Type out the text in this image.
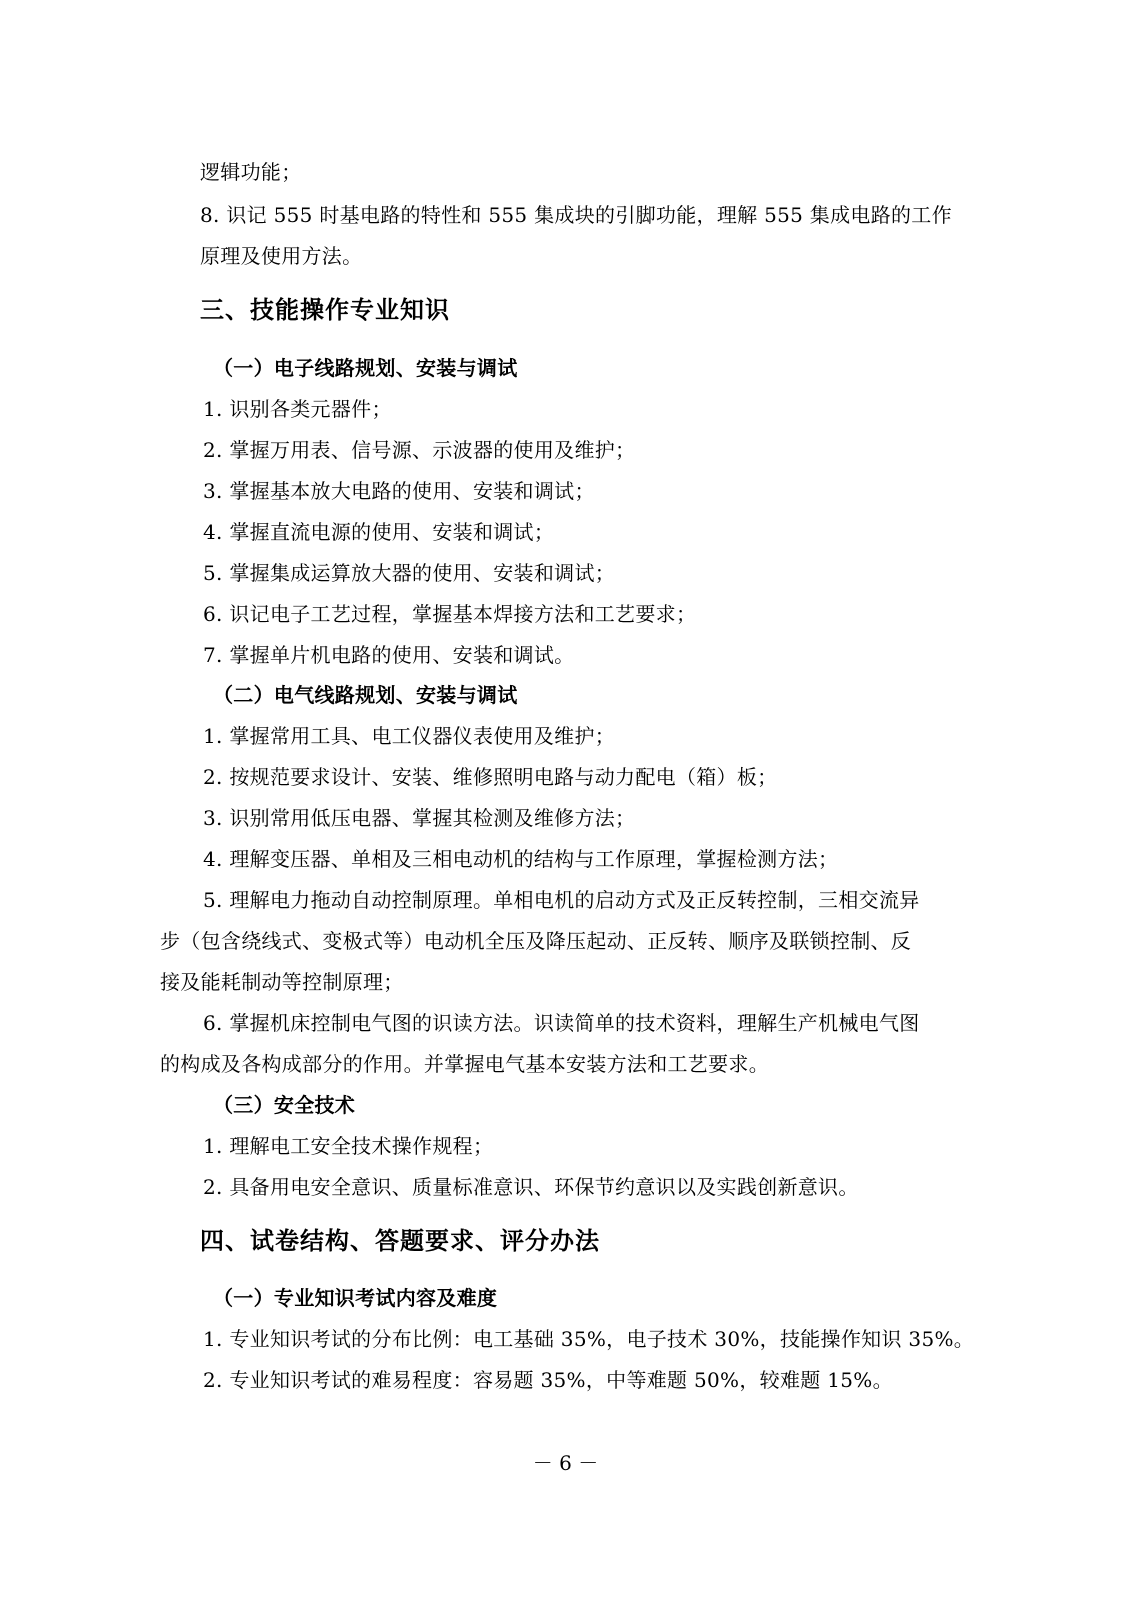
逻辑功能；
8. 识记 555 时基电路的特性和 555 集成块的引脚功能，理解 555 集成电路的工作
原理及使用方法。
三、技能操作专业知识
（一）电子线路规划、安装与调试
1. 识别各类元器件；
2. 掌握万用表、信号源、示波器的使用及维护；
3. 掌握基本放大电路的使用、安装和调试；
4. 掌握直流电源的使用、安装和调试；
5. 掌握集成运算放大器的使用、安装和调试；
6. 识记电子工艺过程，掌握基本焊接方法和工艺要求；
7. 掌握单片机电路的使用、安装和调试。
（二）电气线路规划、安装与调试
1. 掌握常用工具、电工仪器仪表使用及维护；
2. 按规范要求设计、安装、维修照明电路与动力配电（箱）板；
3. 识别常用低压电器、掌握其检测及维修方法；
4. 理解变压器、单相及三相电动机的结构与工作原理，掌握检测方法；
5. 理解电力拖动自动控制原理。单相电机的启动方式及正反转控制，三相交流异
步（包含绕线式、变极式等）电动机全压及降压起动、正反转、顺序及联锁控制、反
接及能耗制动等控制原理；
6. 掌握机床控制电气图的识读方法。识读简单的技术资料，理解生产机械电气图
的构成及各构成部分的作用。并掌握电气基本安装方法和工艺要求。
（三）安全技术
1. 理解电工安全技术操作规程；
2. 具备用电安全意识、质量标准意识、环保节约意识以及实践创新意识。
四、试卷结构、答题要求、评分办法
（一）专业知识考试内容及难度
1. 专业知识考试的分布比例：电工基础 35%，电子技术 30%，技能操作知识 35%。
2. 专业知识考试的难易程度：容易题 35%，中等难题 50%，较难题 15%。
－ 6 －
